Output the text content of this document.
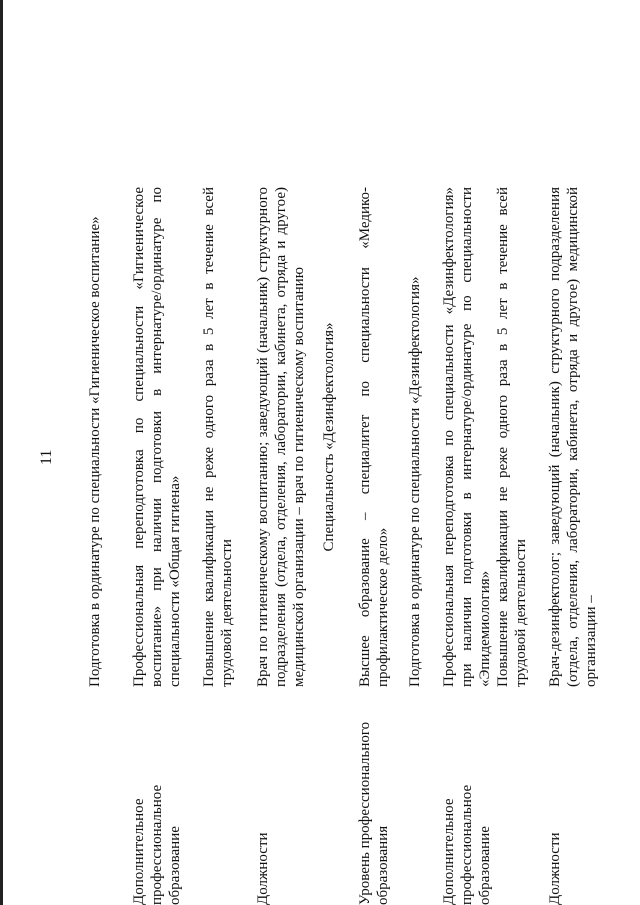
11 Подготовка в ординатуре по специальности «Гигиеническое воспитание»
Дополнительное профессиональное образование
Профессиональная переподготовка по специальности «Гигиеническое воспитание» при наличии подготовки в интернатуре/ординатуре по специальности «Общая гигиена» Повышение квалификации не реже одного раза в 5 лет в течение всей трудовой деятельности
Должности
Врач по гигиеническому воспитанию; заведующий (начальник) структурного подразделения (отдела, отделения, лаборатории, кабинета, отряда и другое) медицинской организации – врач по гигиеническому воспитанию Специальность «Дезинфектология»
Уровень профессионального образования
Высшее образование – специалитет по специальности «Медико-профилактическое дело» Подготовка в ординатуре по специальности «Дезинфектология»
Дополнительное профессиональное образование
Профессиональная переподготовка по специальности «Дезинфектология» при наличии подготовки в интернатуре/ординатуре по специальности «Эпидемиология» Повышение квалификации не реже одного раза в 5 лет в течение всей трудовой деятельности
Должности
Врач-дезинфектолог; заведующий (начальник) структурного подразделения (отдела, отделения, лаборатории, кабинета, отряда и другое) медицинской организации –
